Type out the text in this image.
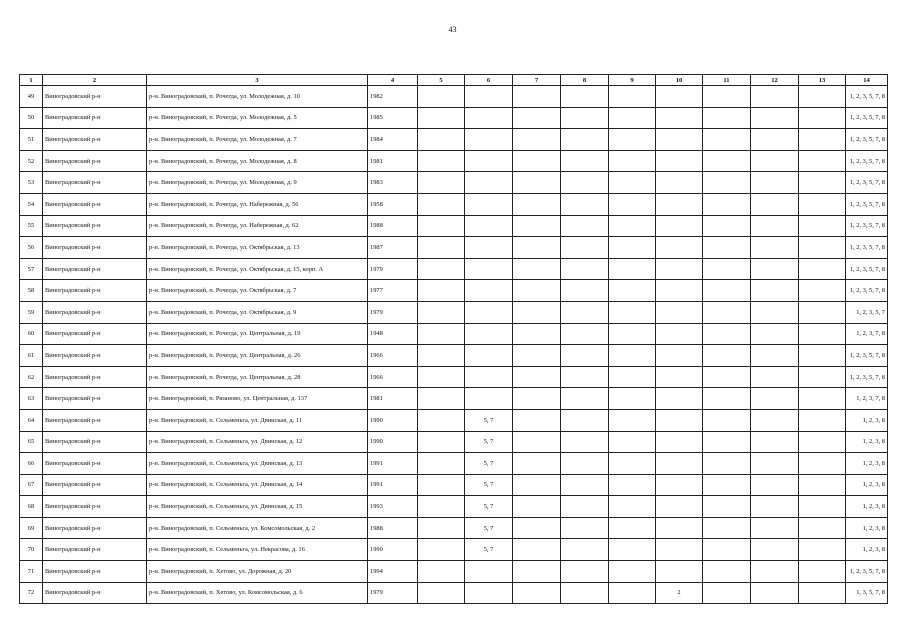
43
1	2	3	4	5	6	7	8	9	10	11	12	13	14
49	Виноградовский р-н	р-н. Виноградовский, п. Рочегда, ул. Молодежная, д. 10	1982										1, 2, 3, 5, 7, 8
50	Виноградовский р-н	р-н. Виноградовский, п. Рочегда, ул. Молодежная, д. 5	1985										1, 2, 3, 5, 7, 8
51	Виноградовский р-н	р-н. Виноградовский, п. Рочегда, ул. Молодежная, д. 7	1984										1, 2, 3, 5, 7, 8
52	Виноградовский р-н	р-н. Виноградовский, п. Рочегда, ул. Молодежная, д. 8	1981										1, 2, 3, 5, 7, 8
53	Виноградовский р-н	р-н. Виноградовский, п. Рочегда, ул. Молодежная, д. 9	1983										1, 2, 3, 5, 7, 8
54	Виноградовский р-н	р-н. Виноградовский, п. Рочегда, ул. Набережная, д. 56	1958										1, 2, 3, 5, 7, 8
55	Виноградовский р-н	р-н. Виноградовский, п. Рочегда, ул. Набережная, д. 62	1988										1, 2, 3, 5, 7, 8
56	Виноградовский р-н	р-н. Виноградовский, п. Рочегда, ул. Октябрьская, д. 13	1987										1, 2, 3, 5, 7, 8
57	Виноградовский р-н	р-н. Виноградовский, п. Рочегда, ул. Октябрьская, д. 15, корп. А	1979										1, 2, 3, 5, 7, 8
58	Виноградовский р-н	р-н. Виноградовский, п. Рочегда, ул. Октябрьская, д. 7	1977										1, 2, 3, 5, 7, 8
59	Виноградовский р-н	р-н. Виноградовский, п. Рочегда, ул. Октябрьская, д. 9	1979										1, 2, 3, 5, 7
60	Виноградовский р-н	р-н. Виноградовский, п. Рочегда, ул. Центральная, д. 19	1948										1, 2, 3, 7, 8
61	Виноградовский р-н	р-н. Виноградовский, п. Рочегда, ул. Центральная, д. 26	1966										1, 2, 3, 5, 7, 8
62	Виноградовский р-н	р-н. Виноградовский, п. Рочегда, ул. Центральная, д. 28	1966										1, 2, 3, 5, 7, 8
63	Виноградовский р-н	р-н. Виноградовский, п. Рязаново, ул. Центральная, д. 137	1981										1, 2, 3, 7, 8
64	Виноградовский р-н	р-н. Виноградовский, п. Сельменьга, ул. Двинская, д. 11	1990		5, 7								1, 2, 3, 8
65	Виноградовский р-н	р-н. Виноградовский, п. Сельменьга, ул. Двинская, д. 12	1990		5, 7								1, 2, 3, 8
66	Виноградовский р-н	р-н. Виноградовский, п. Сельменьга, ул. Двинская, д. 13	1991		5, 7								1, 2, 3, 8
67	Виноградовский р-н	р-н. Виноградовский, п. Сельменьга, ул. Двинская, д. 14	1991		5, 7								1, 2, 3, 8
68	Виноградовский р-н	р-н. Виноградовский, п. Сельменьга, ул. Двинская, д. 15	1993		5, 7								1, 2, 3, 8
69	Виноградовский р-н	р-н. Виноградовский, п. Сельменьга, ул. Комсомольская, д. 2	1988		5, 7								1, 2, 3, 8
70	Виноградовский р-н	р-н. Виноградовский, п. Сельменьга, ул. Некрасова, д. 16	1990		5, 7								1, 2, 3, 8
71	Виноградовский р-н	р-н. Виноградовский, п. Хетово, ул. Дорожная, д. 20	1994										1, 2, 3, 5, 7, 8
72	Виноградовский р-н	р-н. Виноградовский, п. Хетово, ул. Комсомольская, д. 6	1979						2				1, 3, 5, 7, 8
